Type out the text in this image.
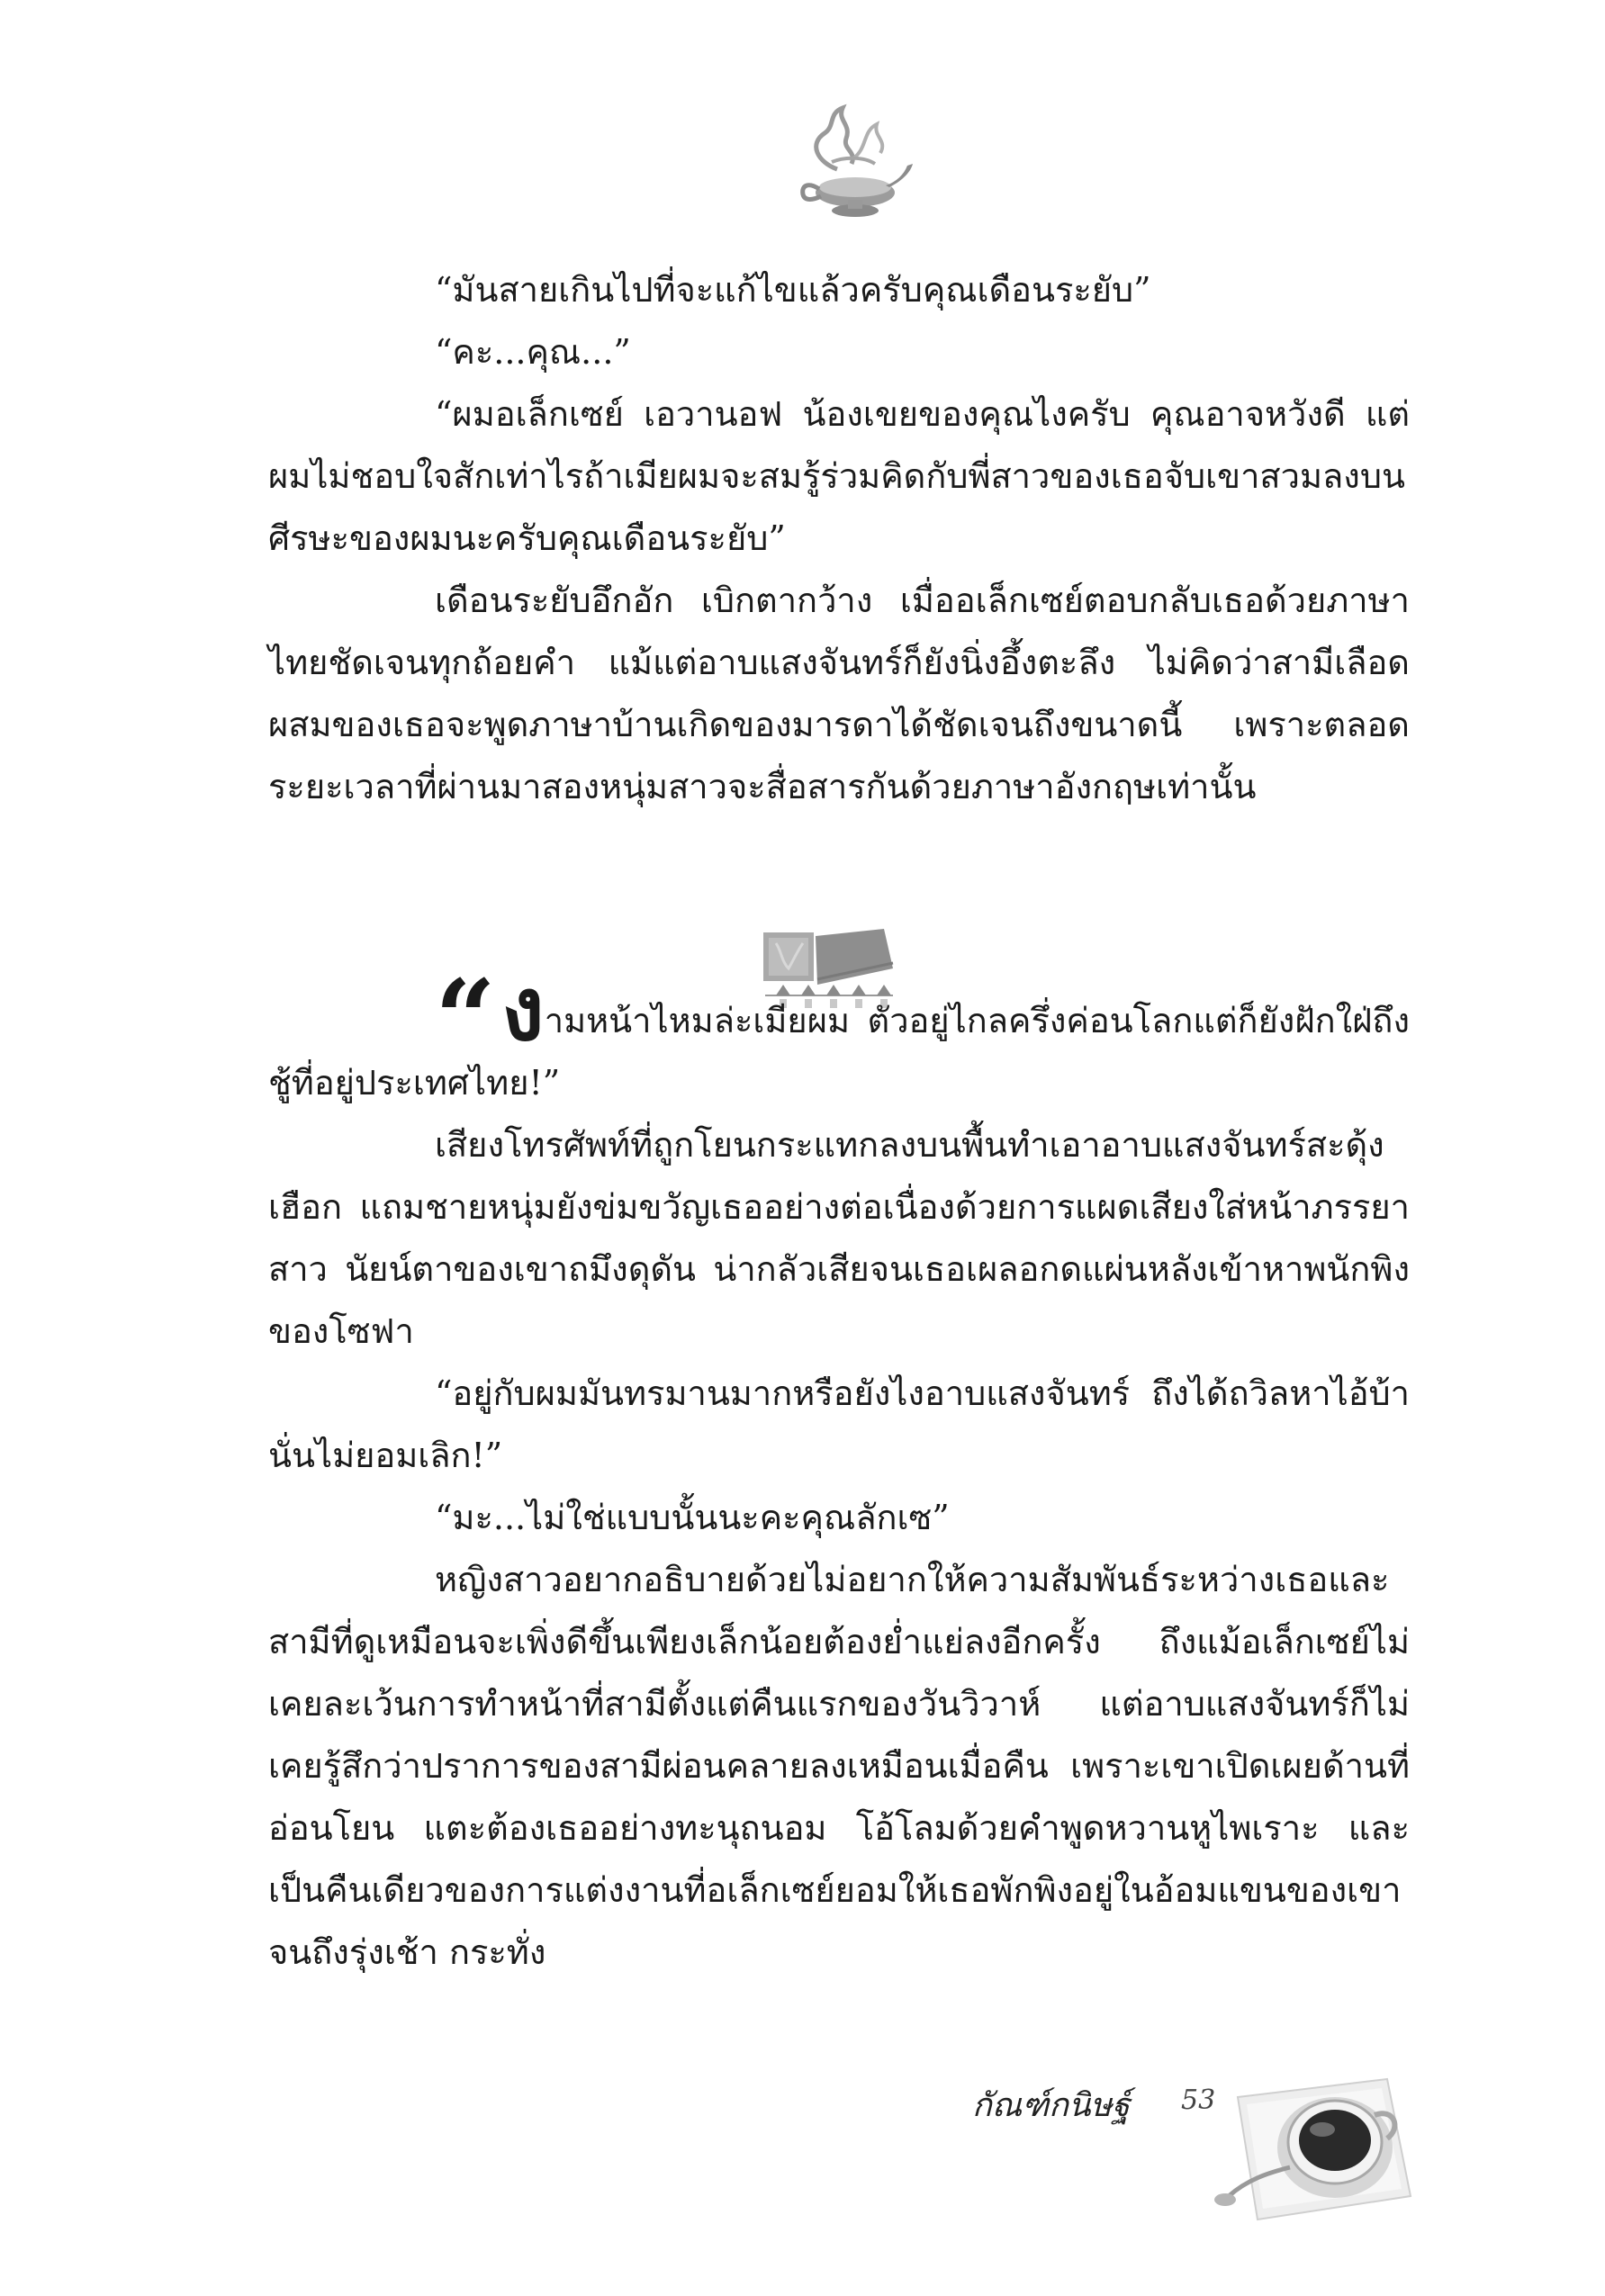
“มันสายเกินไปที่จะแก้ไขแล้วครับคุณเดือนระยับ”

“คะ...คุณ...”

“ผมอเล็กเซย์ เอวานอฟ น้องเขยของคุณไงครับ คุณอาจหวังดี แต่ผมไม่ชอบใจสักเท่าไรถ้าเมียผมจะสมรู้ร่วมคิดกับพี่สาวของเธอจับเขาสวมลงบนศีรษะของผมนะครับคุณเดือนระยับ”

เดือนระยับอึกอัก เบิกตากว้าง เมื่ออเล็กเซย์ตอบกลับเธอด้วยภาษาไทยชัดเจนทุกถ้อยคำ แม้แต่อาบแสงจันทร์ก็ยังนิ่งอึ้งตะลึง ไม่คิดว่าสามีเลือดผสมของเธอจะพูดภาษาบ้านเกิดของมารดาได้ชัดเจนถึงขนาดนี้ เพราะตลอดระยะเวลาที่ผ่านมาสองหนุ่มสาวจะสื่อสารกันด้วยภาษาอังกฤษเท่านั้น

“งามหน้าไหมล่ะเมียผม ตัวอยู่ไกลครึ่งค่อนโลกแต่ก็ยังฝักใฝ่ถึงชู้ที่อยู่ประเทศไทย!”

เสียงโทรศัพท์ที่ถูกโยนกระแทกลงบนพื้นทำเอาอาบแสงจันทร์สะดุ้งเฮือก แถมชายหนุ่มยังข่มขวัญเธออย่างต่อเนื่องด้วยการแผดเสียงใส่หน้าภรรยาสาว นัยน์ตาของเขาถมึงดุดัน น่ากลัวเสียจนเธอเผลอกดแผ่นหลังเข้าหาพนักพิงของโซฟา

“อยู่กับผมมันทรมานมากหรือยังไงอาบแสงจันทร์ ถึงได้ถวิลหาไอ้บ้านั่นไม่ยอมเลิก!”

“มะ...ไม่ใช่แบบนั้นนะคะคุณลักเซ”

หญิงสาวอยากอธิบายด้วยไม่อยากให้ความสัมพันธ์ระหว่างเธอและสามีที่ดูเหมือนจะเพิ่งดีขึ้นเพียงเล็กน้อยต้องย่ำแย่ลงอีกครั้ง ถึงแม้อเล็กเซย์ไม่เคยละเว้นการทำหน้าที่สามีตั้งแต่คืนแรกของวันวิวาห์ แต่อาบแสงจันทร์ก็ไม่เคยรู้สึกว่าปราการของสามีผ่อนคลายลงเหมือนเมื่อคืน เพราะเขาเปิดเผยด้านที่อ่อนโยน แตะต้องเธออย่างทะนุถนอม โอ้โลมด้วยคำพูดหวานหูไพเราะ และเป็นคืนเดียวของการแต่งงานที่อเล็กเซย์ยอมให้เธอพักพิงอยู่ในอ้อมแขนของเขาจนถึงรุ่งเช้า กระทั่ง

กัณฑ์กนิษฐ์ 53
